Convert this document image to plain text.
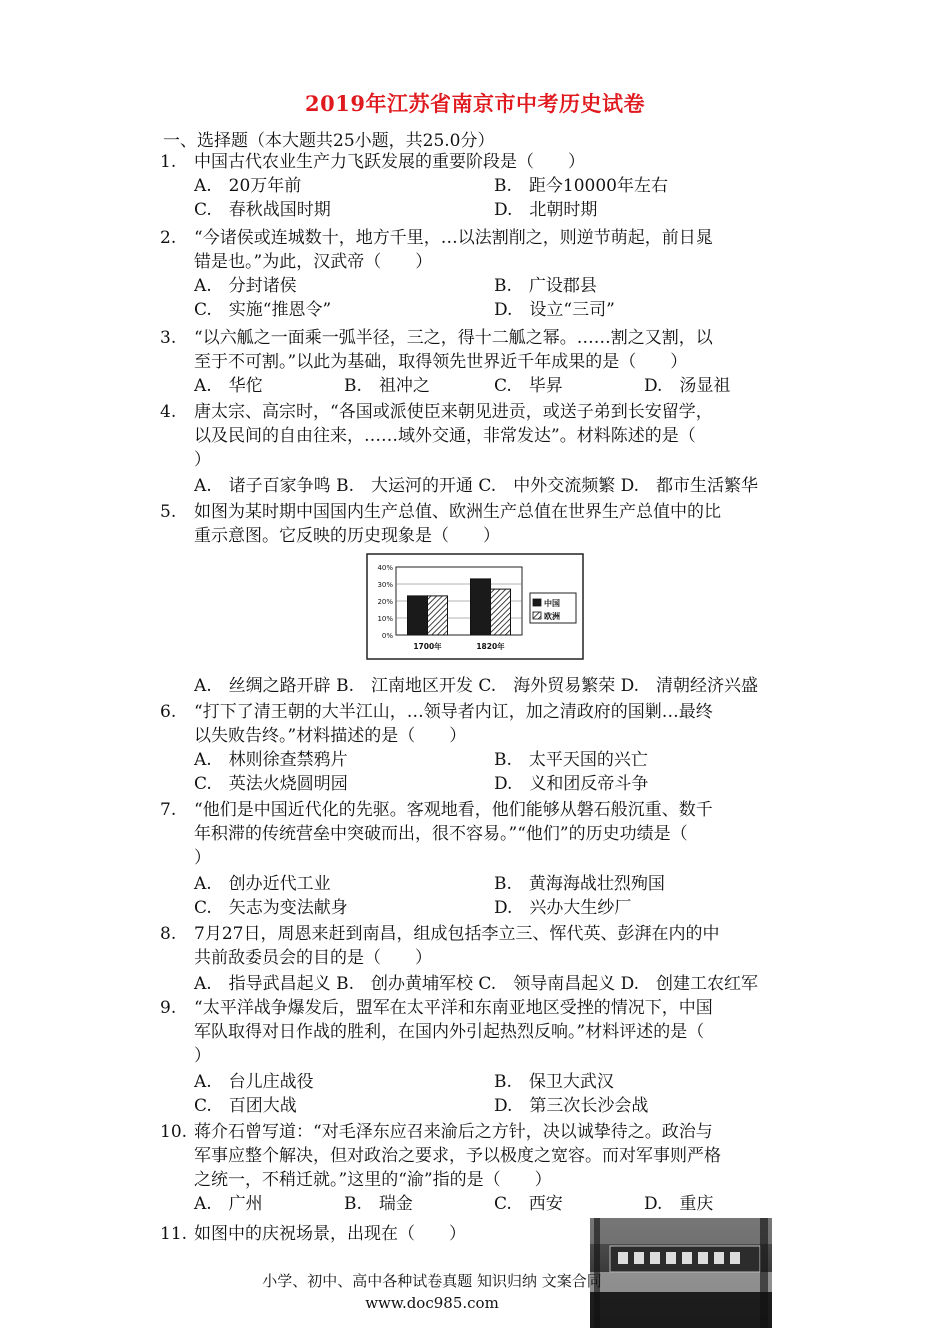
2019年江苏省南京市中考历史试卷
一、选择题（本大题共25小题，共25.0分）
1. 中国古代农业生产力飞跃发展的重要阶段是（　　）
A.　20万年前	B.　距今10000年左右
C.　春秋战国时期	D.　北朝时期
2. “今诸侯或连城数十，地方千里，…以法割削之，则逆节萌起，前日晁
错是也。”为此，汉武帝（　　）
A.　分封诸侯	B.　广设郡县
C.　实施“推恩令”	D.　设立“三司”
3. “以六觚之一面乘一弧半径，三之，得十二觚之幂。……割之又割，以
至于不可割。”以此为基础，取得领先世界近千年成果的是（　　）
A.　华佗	B.　祖冲之	C.　毕昇	D.　汤显祖
4. 唐太宗、高宗时，“各国或派使臣来朝见进贡，或送子弟到长安留学，
以及民间的自由往来，……域外交通，非常发达”。材料陈述的是（
）
A.　诸子百家争鸣 B.　大运河的开通 C.　中外交流频繁 D.　都市生活繁华
5. 如图为某时期中国国内生产总值、欧洲生产总值在世界生产总值中的比
重示意图。它反映的历史现象是（　　）
0%
10%
20%
30%
40%
1700年	1820年
中国
欧洲
A.　丝绸之路开辟 B.　江南地区开发 C.　海外贸易繁荣 D.　清朝经济兴盛
6. “打下了清王朝的大半江山，…领导者内讧，加之清政府的国剿…最终
以失败告终。”材料描述的是（　　）
A.　林则徐查禁鸦片	B.　太平天国的兴亡
C.　英法火烧圆明园	D.　义和团反帝斗争
7. “他们是中国近代化的先驱。客观地看，他们能够从磐石般沉重、数千
年积滞的传统营垒中突破而出，很不容易。”“他们”的历史功绩是（
）
A.　创办近代工业	B.　黄海海战壮烈殉国
C.　矢志为变法献身	D.　兴办大生纱厂
8. 7月27日，周恩来赶到南昌，组成包括李立三、恽代英、彭湃在内的中
共前敌委员会的目的是（　　）
A.　指导武昌起义 B.　创办黄埔军校 C.　领导南昌起义 D.　创建工农红军
9. “太平洋战争爆发后，盟军在太平洋和东南亚地区受挫的情况下，中国
军队取得对日作战的胜利，在国内外引起热烈反响。”材料评述的是（
）
A.　台儿庄战役	B.　保卫大武汉
C.　百团大战	D.　第三次长沙会战
10. 蒋介石曾写道：“对毛泽东应召来渝后之方针，决以诚挚待之。政治与
军事应整个解决，但对政治之要求，予以极度之宽容。而对军事则严格
之统一，不稍迁就。”这里的“渝”指的是（　　）
A.　广州	B.　瑞金	C.　西安	D.　重庆
11. 如图中的庆祝场景，出现在（　　）
小学、初中、高中各种试卷真题 知识归纳 文案合同
www.doc985.com
